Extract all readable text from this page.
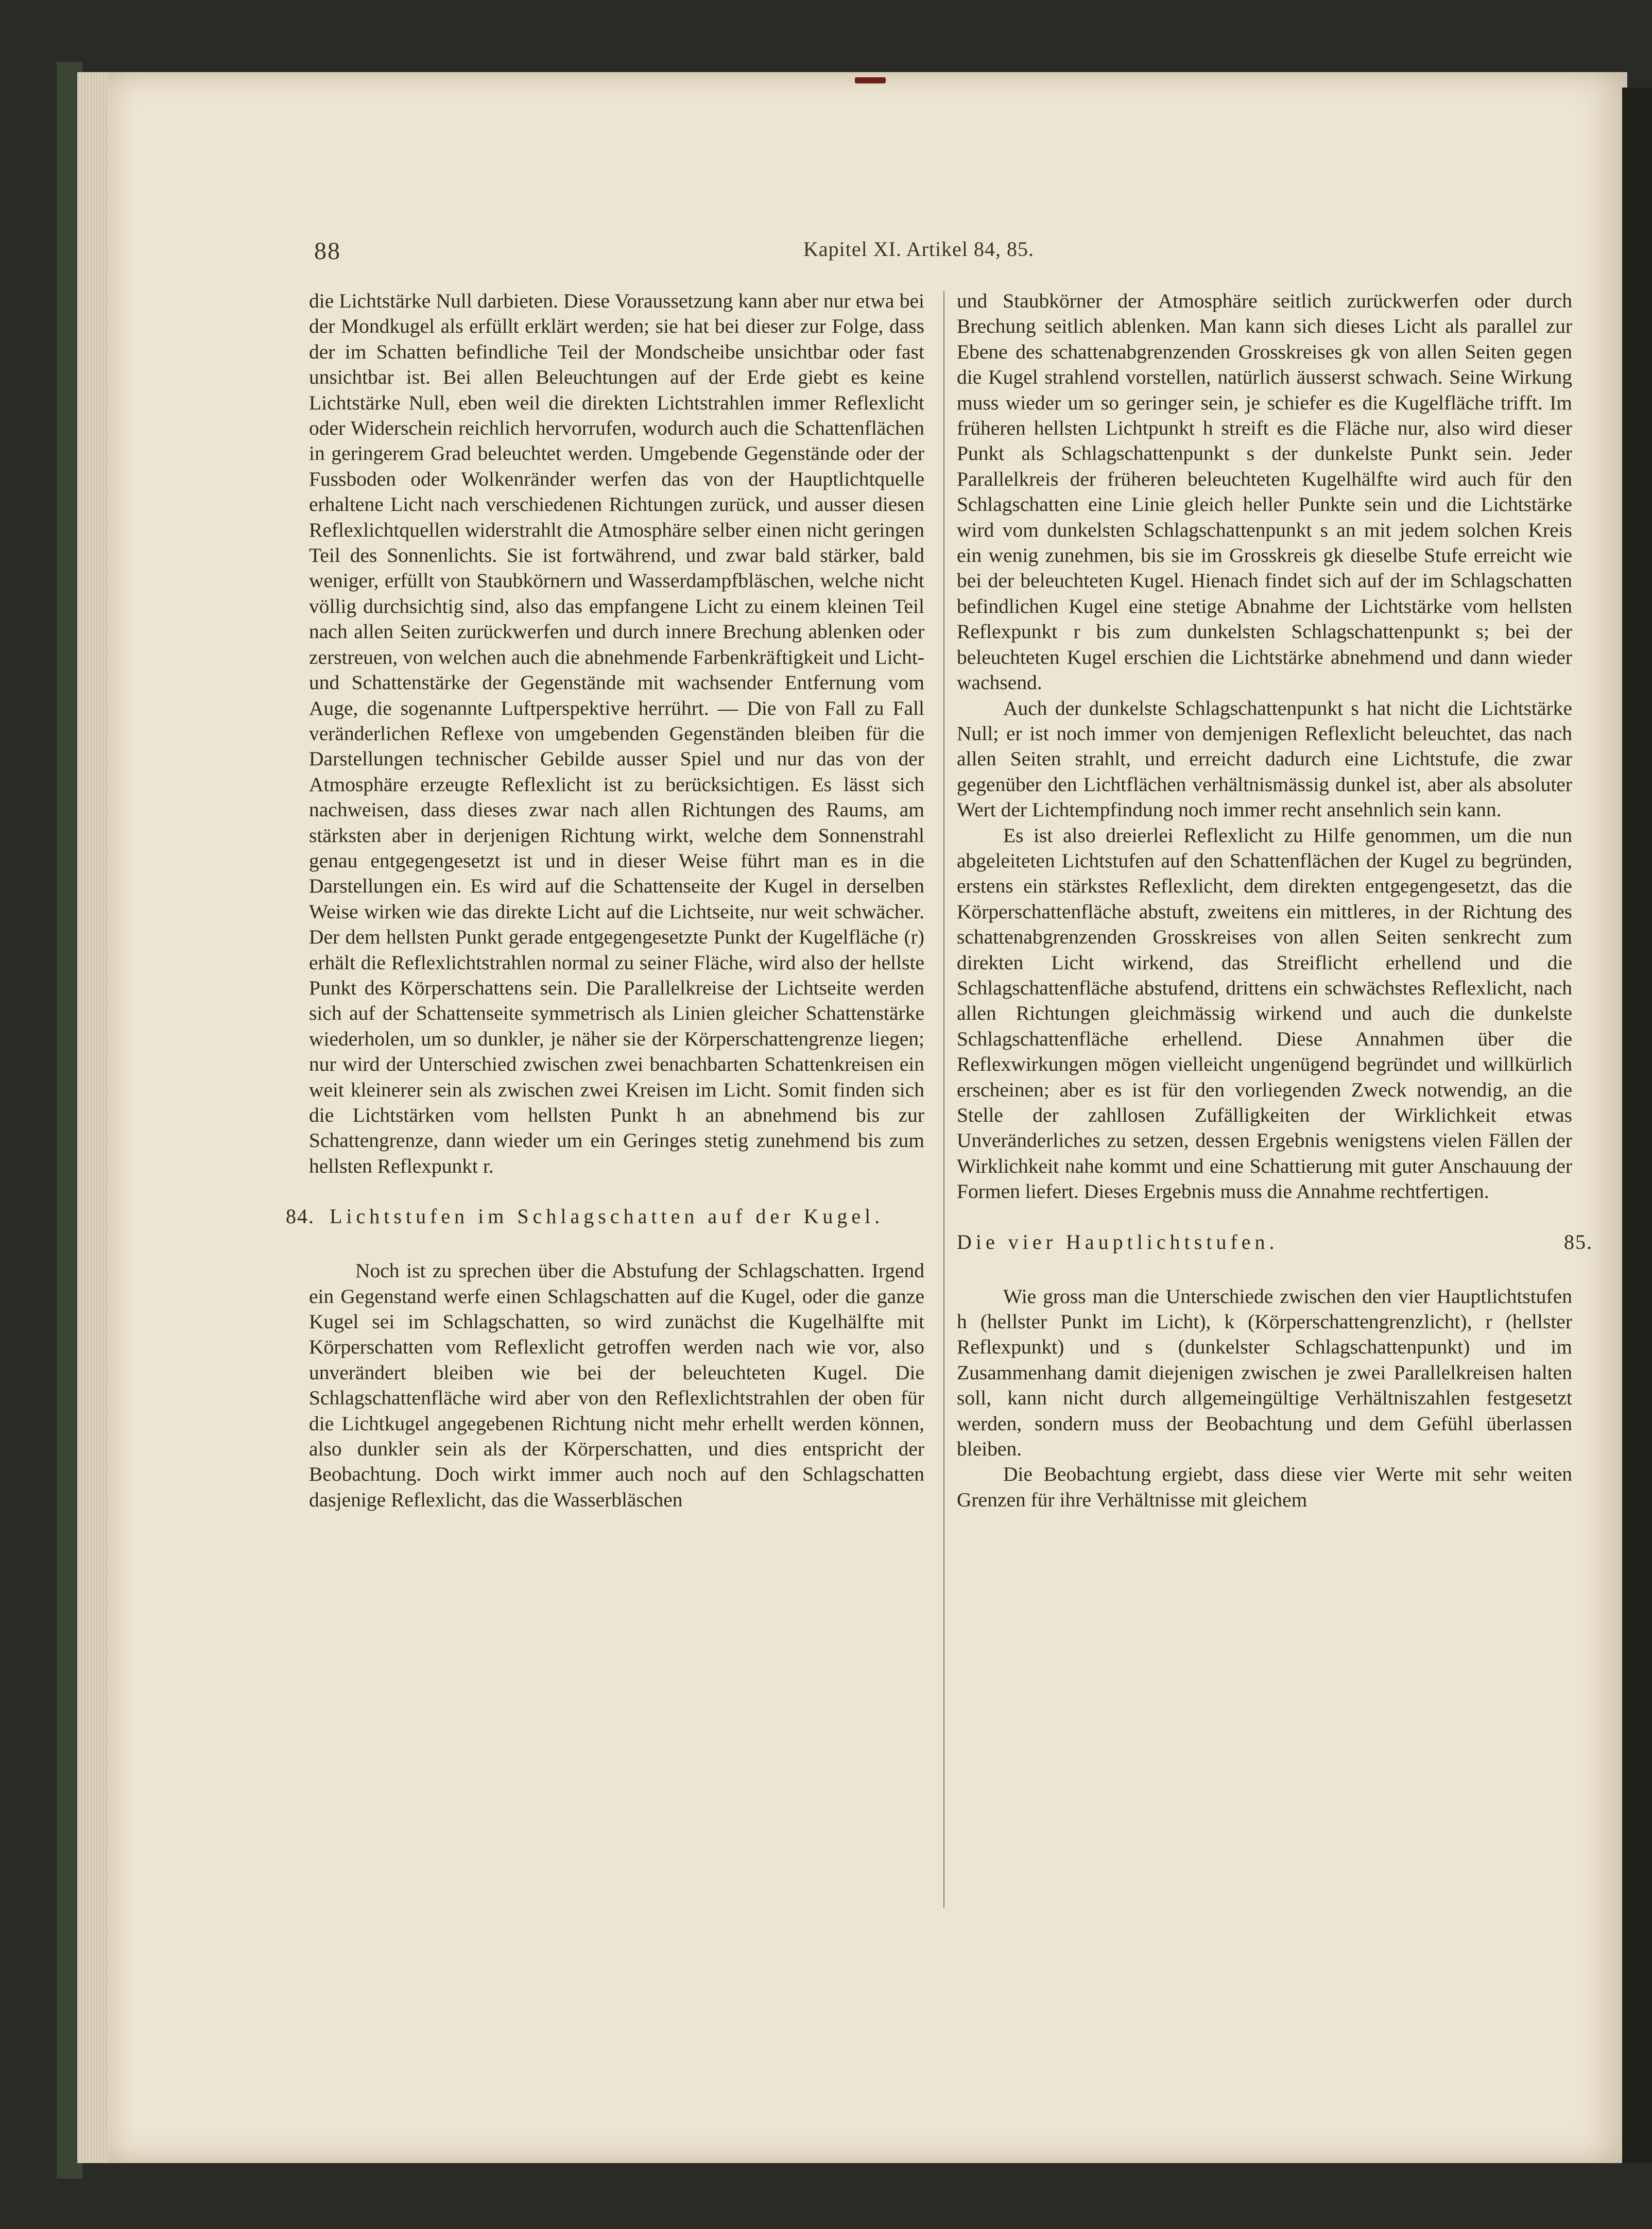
88	Kapitel XI. Artikel 84, 85.

die Lichtstärke Null darbieten. Diese Voraussetzung kann aber nur etwa bei der Mondkugel als erfüllt erklärt werden; sie hat bei dieser zur Folge, dass der im Schatten befindliche Teil der Mondscheibe unsichtbar oder fast unsichtbar ist. Bei allen Beleuchtungen auf der Erde giebt es keine Lichtstärke Null, eben weil die direkten Lichtstrahlen immer Reflexlicht oder Widerschein reichlich hervorrufen, wodurch auch die Schattenflächen in geringerem Grad beleuchtet werden. Umgebende Gegenstände oder der Fussboden oder Wolkenränder werfen das von der Hauptlichtquelle erhaltene Licht nach verschiedenen Richtungen zurück, und ausser diesen Reflexlichtquellen widerstrahlt die Atmosphäre selber einen nicht geringen Teil des Sonnenlichts. Sie ist fortwährend, und zwar bald stärker, bald weniger, erfüllt von Staubkörnern und Wasserdampfbläschen, welche nicht völlig durchsichtig sind, also das empfangene Licht zu einem kleinen Teil nach allen Seiten zurückwerfen und durch innere Brechung ablenken oder zerstreuen, von welchen auch die abnehmende Farbenkräftigkeit und Licht- und Schattenstärke der Gegenstände mit wachsender Entfernung vom Auge, die sogenannte Luftperspektive herrührt. — Die von Fall zu Fall veränderlichen Reflexe von umgebenden Gegenständen bleiben für die Darstellungen technischer Gebilde ausser Spiel und nur das von der Atmosphäre erzeugte Reflexlicht ist zu berücksichtigen. Es lässt sich nachweisen, dass dieses zwar nach allen Richtungen des Raums, am stärksten aber in derjenigen Richtung wirkt, welche dem Sonnenstrahl genau entgegengesetzt ist und in dieser Weise führt man es in die Darstellungen ein. Es wird auf die Schattenseite der Kugel in derselben Weise wirken wie das direkte Licht auf die Lichtseite, nur weit schwächer. Der dem hellsten Punkt gerade entgegengesetzte Punkt der Kugelfläche (r) erhält die Reflexlichtstrahlen normal zu seiner Fläche, wird also der hellste Punkt des Körperschattens sein. Die Parallelkreise der Lichtseite werden sich auf der Schattenseite symmetrisch als Linien gleicher Schattenstärke wiederholen, um so dunkler, je näher sie der Körperschattengrenze liegen; nur wird der Unterschied zwischen zwei benachbarten Schattenkreisen ein weit kleinerer sein als zwischen zwei Kreisen im Licht. Somit finden sich die Lichtstärken vom hellsten Punkt h an abnehmend bis zur Schattengrenze, dann wieder um ein Geringes stetig zunehmend bis zum hellsten Reflexpunkt r.

84. Lichtstufen im Schlagschatten auf der Kugel.

Noch ist zu sprechen über die Abstufung der Schlagschatten. Irgend ein Gegenstand werfe einen Schlagschatten auf die Kugel, oder die ganze Kugel sei im Schlagschatten, so wird zunächst die Kugelhälfte mit Körperschatten vom Reflexlicht getroffen werden nach wie vor, also unverändert bleiben wie bei der beleuchteten Kugel. Die Schlagschattenfläche wird aber von den Reflexlichtstrahlen der oben für die Lichtkugel angegebenen Richtung nicht mehr erhellt werden können, also dunkler sein als der Körperschatten, und dies entspricht der Beobachtung. Doch wirkt immer auch noch auf den Schlagschatten dasjenige Reflexlicht, das die Wasserbläschen

und Staubkörner der Atmosphäre seitlich zurückwerfen oder durch Brechung seitlich ablenken. Man kann sich dieses Licht als parallel zur Ebene des schattenabgrenzenden Grosskreises gk von allen Seiten gegen die Kugel strahlend vorstellen, natürlich äusserst schwach. Seine Wirkung muss wieder um so geringer sein, je schiefer es die Kugelfläche trifft. Im früheren hellsten Lichtpunkt h streift es die Fläche nur, also wird dieser Punkt als Schlagschattenpunkt s der dunkelste Punkt sein. Jeder Parallelkreis der früheren beleuchteten Kugelhälfte wird auch für den Schlagschatten eine Linie gleich heller Punkte sein und die Lichtstärke wird vom dunkelsten Schlagschattenpunkt s an mit jedem solchen Kreis ein wenig zunehmen, bis sie im Grosskreis gk dieselbe Stufe erreicht wie bei der beleuchteten Kugel. Hienach findet sich auf der im Schlagschatten befindlichen Kugel eine stetige Abnahme der Lichtstärke vom hellsten Reflexpunkt r bis zum dunkelsten Schlagschattenpunkt s; bei der beleuchteten Kugel erschien die Lichtstärke abnehmend und dann wieder wachsend.

Auch der dunkelste Schlagschattenpunkt s hat nicht die Lichtstärke Null; er ist noch immer von demjenigen Reflexlicht beleuchtet, das nach allen Seiten strahlt, und erreicht dadurch eine Lichtstufe, die zwar gegenüber den Lichtflächen verhältnismässig dunkel ist, aber als absoluter Wert der Lichtempfindung noch immer recht ansehnlich sein kann.

Es ist also dreierlei Reflexlicht zu Hilfe genommen, um die nun abgeleiteten Lichtstufen auf den Schattenflächen der Kugel zu begründen, erstens ein stärkstes Reflexlicht, dem direkten entgegengesetzt, das die Körperschattenfläche abstuft, zweitens ein mittleres, in der Richtung des schattenabgrenzenden Grosskreises von allen Seiten senkrecht zum direkten Licht wirkend, das Streiflicht erhellend und die Schlagschattenfläche abstufend, drittens ein schwächstes Reflexlicht, nach allen Richtungen gleichmässig wirkend und auch die dunkelste Schlagschattenfläche erhellend. Diese Annahmen über die Reflexwirkungen mögen vielleicht ungenügend begründet und willkürlich erscheinen; aber es ist für den vorliegenden Zweck notwendig, an die Stelle der zahllosen Zufälligkeiten der Wirklichkeit etwas Unveränderliches zu setzen, dessen Ergebnis wenigstens vielen Fällen der Wirklichkeit nahe kommt und eine Schattierung mit guter Anschauung der Formen liefert. Dieses Ergebnis muss die Annahme rechtfertigen.

Die vier Hauptlichtstufen.	85.

Wie gross man die Unterschiede zwischen den vier Hauptlichtstufen h (hellster Punkt im Licht), k (Körperschattengrenzlicht), r (hellster Reflexpunkt) und s (dunkelster Schlagschattenpunkt) und im Zusammenhang damit diejenigen zwischen je zwei Parallelkreisen halten soll, kann nicht durch allgemeingültige Verhältniszahlen festgesetzt werden, sondern muss der Beobachtung und dem Gefühl überlassen bleiben.

Die Beobachtung ergiebt, dass diese vier Werte mit sehr weiten Grenzen für ihre Verhältnisse mit gleichem
